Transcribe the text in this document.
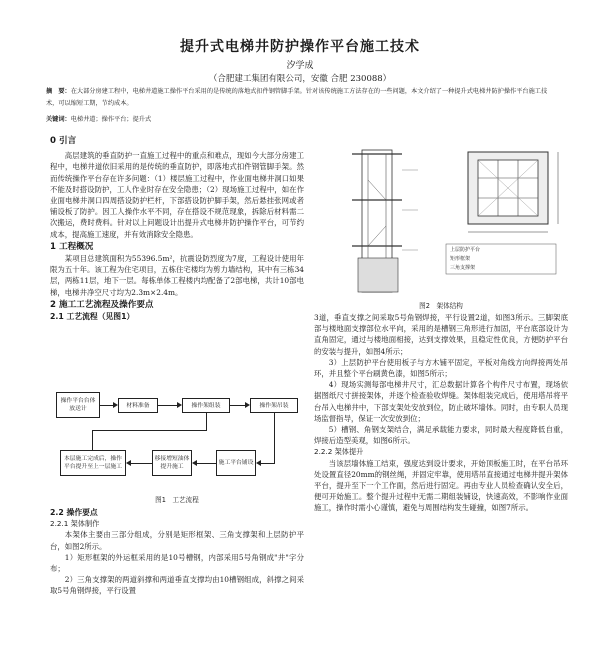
提升式电梯井防护操作平台施工技术
汐学成
（合肥建工集团有限公司，安徽 合肥 230088）
摘　要：在大部分房建工程中，电梯井道施工操作平台采用的是传统的落地式扣件钢管脚手架。针对该传统施工方法存在的一些问题，本文介绍了一种提升式电梯井防护操作平台施工技术，可以缩短工期，节约成本。
关键词：电梯井道；操作平台；提升式
0 引言

高层建筑的垂直防护一直施工过程中的重点和难点，现如今大部分房建工程中，电梯井道依旧采用的是传统的垂直防护，即落地式扣件钢管脚手架。然而传统操作平台存在许多问题：（1）楼层施工过程中，作业面电梯井洞口如果不能及时搭设防护，工人作业时存在安全隐患；（2）现场施工过程中，如在作业面电梯井洞口四周搭设防护栏杆，下部搭设防护脚手架，然后悬挂张网或者铺设板了防护。因工人操作水平不同，存在搭设不规范现象，拆除后材料需二次搬运，费时费料。针对以上问题设计出提升式电梯井防护操作平台，可节约成本，提高施工速度，并有效消除安全隐患。

1 工程概况

某项目总建筑面积为55396.5m²，抗震设防烈度为7度，工程设计使用年限为五十年。该工程为住宅项目，五栋住宅楼均为剪力墙结构，其中有三栋34层，两栋11层，地下一层。每栋单体工程楼内均配备了2部电梯，共计10部电梯，电梯井净空尺寸均为2.3m×2.4m。

2 施工工艺流程及操作要点
2.1 工艺流程（见图1）
操作平台台体放送计
材料准备	操作架组装	操作架吊装
本层施工完成后，操作平台提升至上一层施工
移接增短油体提升施工
施工平台铺设
图1　工艺流程
2.2 操作要点
2.2.1 架体制作

本架体主要由三部分组成，分别是矩形框架、三角支撑架和上层防护平台，如图2所示。

1）矩形框架的外运框采用的是10号槽钢，内部采用5号角钢成"井"字分布；

2）三角支撑架的两道斜撑和两道垂直支撑均由10槽钢组成，斜撑之间采取5号角钢焊接，平行设置

上层防护平台
矩形框架
三角支撑架
图2　架体结构

3道，垂直支撑之间采取5号角钢焊接，平行设置2道，如图3所示。三脚架底部与楼地面支撑部位水平向，采用的是槽钢三角形进行加固，平台底部设计为直角固定，通过与楼地面相接，达到支撑效果，且稳定性优良，方便防护平台的安装与提升，如图4所示；

3）上层防护平台使用板子与方木铺平固定，平板对角线方向焊接两处吊环，并且整个平台刷黄色漆，如图5所示；

4）现场实测每部电梯井尺寸，汇总数据计算各个构件尺寸布置，现场依据图纸尺寸拼接架体，并逐个检查验收焊缝。架体组装完成后，使用塔吊将平台吊入电梯井中，下部支架处安放到位，防止破坏墙体。同时，由专职人员现场监督指导，保证一次安放到位；

5）槽钢、角钢支架结合，满足承载能力要求，同时最大程度降低自重，焊接后造型美观，如图6所示。

2.2.2 架体提升

当该层墙体施工结束，强度达到设计要求，开始顶板施工时，在平台吊环处设置直径20mm的钢丝绳，并固定牢靠，使用塔吊直接通过电梯井提升架体平台，提升至下一个工作面，然后进行固定。再由专业人员检查确认安全后，便可开始施工。整个提升过程中无需二期组装铺设，快速高效，不影响作业面施工，操作时需小心谨慎，避免与周围结构发生碰撞，如图7所示。
